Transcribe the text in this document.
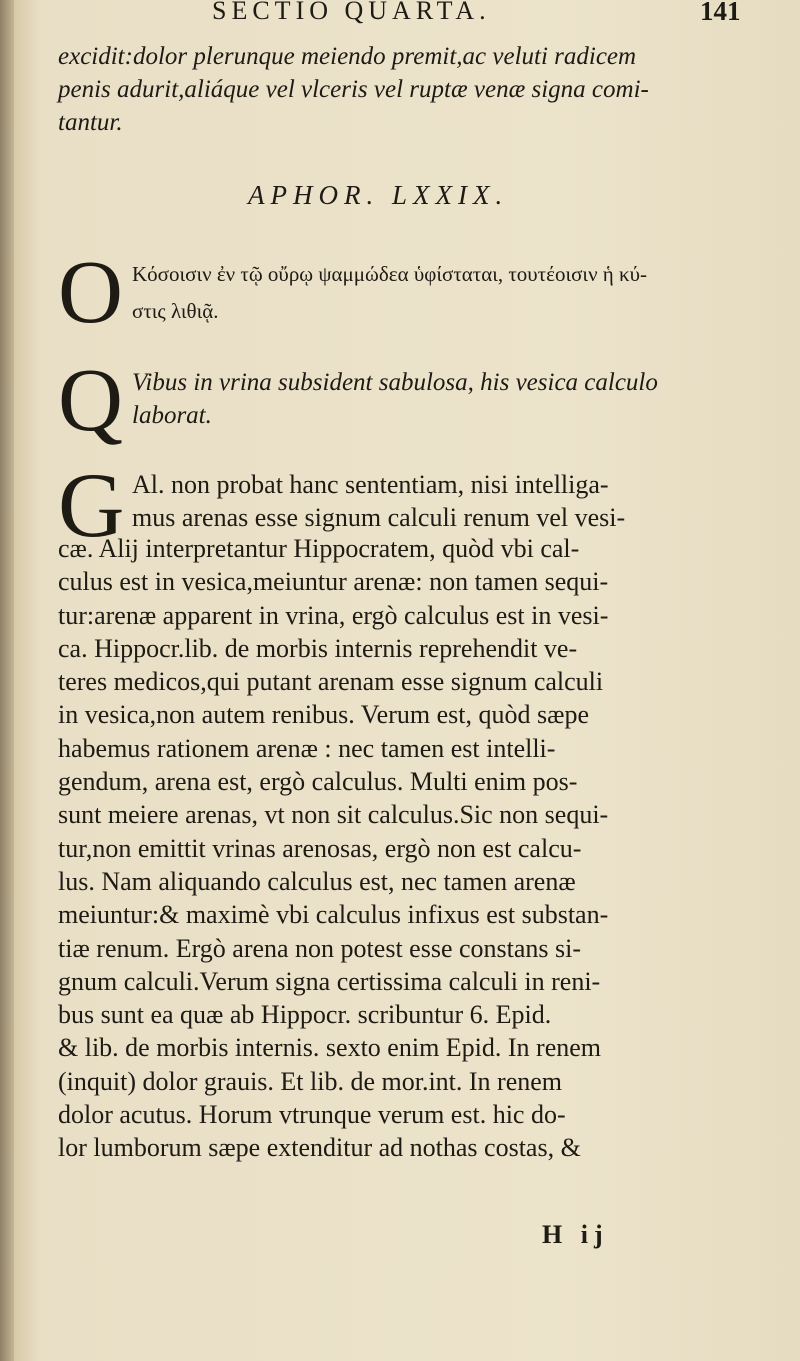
SECTIO QUARTA.	141
excidit:dolor plerunque meiendo premit,ac veluti radicem
penis adurit,aliáque vel vlceris vel ruptæ venæ signa comi-
tantur.
APHOR. LXXIX.
O Κόσοισιν ἐν τῷ οὔρῳ ψαμμώδεα ὑφίσταται, τουτέοισιν ἡ κύ-
στις λιθιᾷ.
Q Vibus in vrina subsident sabulosa, his vesica calculo
laborat.
G Al. non probat hanc sententiam, nisi intelliga-
mus arenas esse signum calculi renum vel vesi-
cæ. Alij interpretantur Hippocratem, quòd vbi cal-
culus est in vesica,meiuntur arenæ: non tamen sequi-
tur:arenæ apparent in vrina, ergò calculus est in vesi-
ca. Hippocr.lib. de morbis internis reprehendit ve-
teres medicos,qui putant arenam esse signum calculi
in vesica,non autem renibus. Verum est, quòd sæpe
habemus rationem arenæ : nec tamen est intelli-
gendum, arena est, ergò calculus. Multi enim pos-
sunt meiere arenas, vt non sit calculus.Sic non sequi-
tur,non emittit vrinas arenosas, ergò non est calcu-
lus. Nam aliquando calculus est, nec tamen arenæ
meiuntur:& maximè vbi calculus infixus est substan-
tiæ renum. Ergò arena non potest esse constans si-
gnum calculi.Verum signa certissima calculi in reni-
bus sunt ea quæ ab Hippocr. scribuntur 6. Epid.
& lib. de morbis internis. sexto enim Epid. In renem
(inquit) dolor grauis. Et lib. de mor.int. In renem
dolor acutus. Horum vtrunque verum est. hic do-
lor lumborum sæpe extenditur ad nothas costas, &
H ij
